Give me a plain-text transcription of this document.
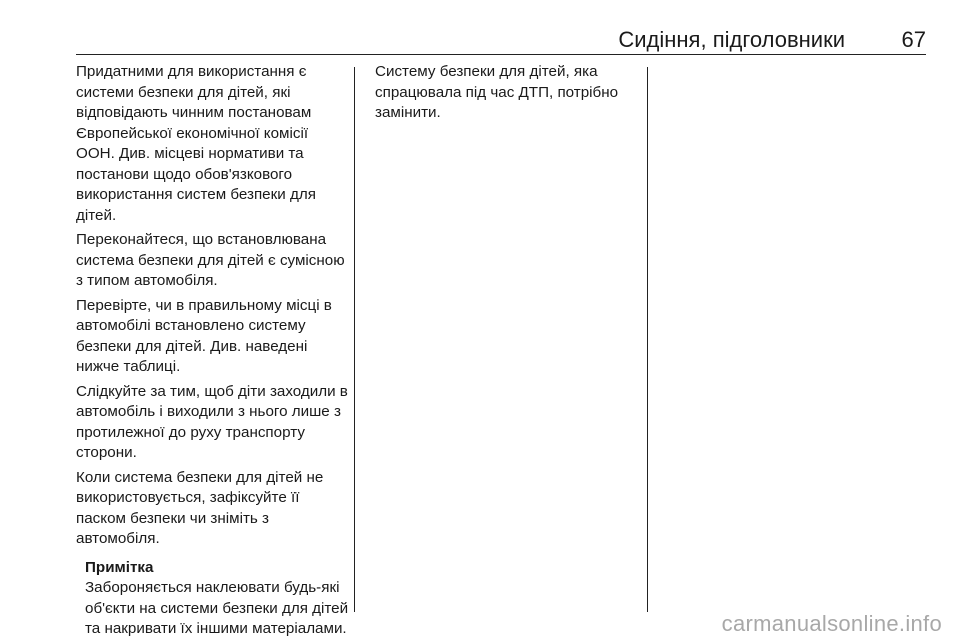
Сидіння, підголовники	67

Придатними для використання є системи безпеки для дітей, які відповідають чинним постановам Європейської економічної комісії ООН. Див. місцеві нормативи та постанови щодо обов'язкового використання систем безпеки для дітей.

Переконайтеся, що встановлювана система безпеки для дітей є сумісною з типом автомобіля.

Перевірте, чи в правильному місці в автомобілі встановлено систему безпеки для дітей. Див. наведені нижче таблиці.

Слідкуйте за тим, щоб діти заходили в автомобіль і виходили з нього лише з протилежної до руху транспорту сторони.

Коли система безпеки для дітей не використовується, зафіксуйте її паском безпеки чи зніміть з автомобіля.

Примітка
Забороняється наклеювати будь-які об'єкти на системи безпеки для дітей та накривати їх іншими матеріалами.

Систему безпеки для дітей, яка спрацювала під час ДТП, потрібно замінити.

carmanualsonline.info
